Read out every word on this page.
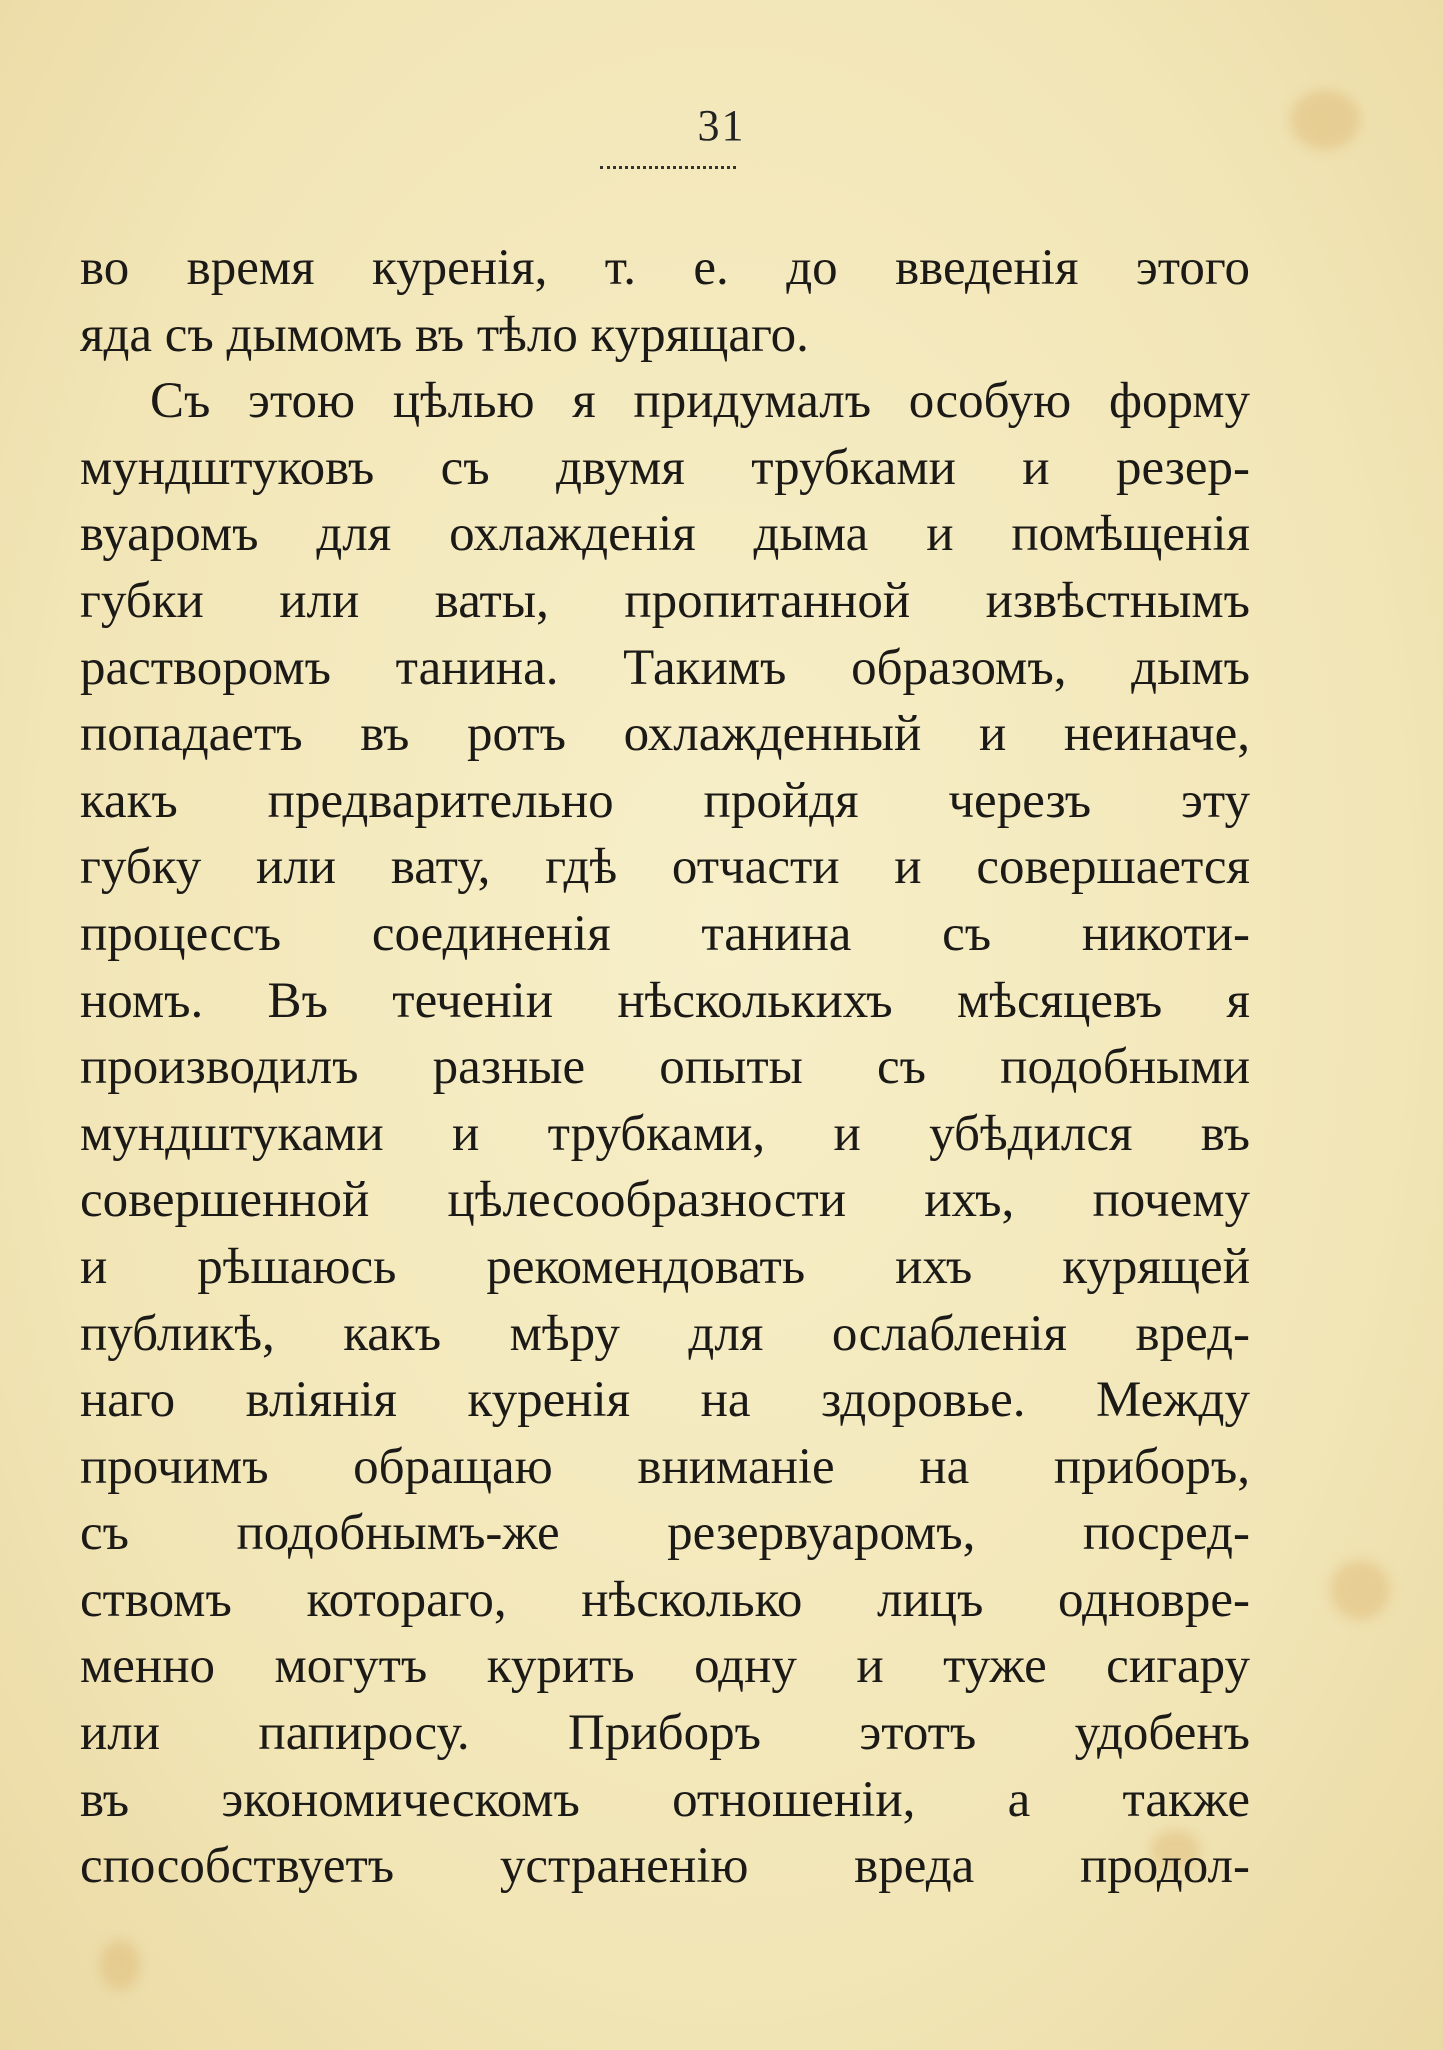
31
во время куренія, т. е. до введенія этого
яда съ дымомъ въ тѣло курящаго.
Съ этою цѣлью я придумалъ особую форму
мундштуковъ съ двумя трубками и резер-
вуаромъ для охлажденія дыма и помѣщенія
губки или ваты, пропитанной извѣстнымъ
растворомъ танина. Такимъ образомъ, дымъ
попадаетъ въ ротъ охлажденный и неиначе,
какъ предварительно пройдя черезъ эту
губку или вату, гдѣ отчасти и совершается
процессъ соединенія танина съ никоти-
номъ. Въ теченіи нѣсколькихъ мѣсяцевъ я
производилъ разные опыты съ подобными
мундштуками и трубками, и убѣдился въ
совершенной цѣлесообразности ихъ, почему
и рѣшаюсь рекомендовать ихъ курящей
публикѣ, какъ мѣру для ослабленія вред-
наго вліянія куренія на здоровье. Между
прочимъ обращаю вниманіе на приборъ,
съ подобнымъ-же резервуаромъ, посред-
ствомъ котораго, нѣсколько лицъ одновре-
менно могутъ курить одну и туже сигару
или папиросу. Приборъ этотъ удобенъ
въ экономическомъ отношеніи, а также
способствуетъ устраненію вреда продол-
